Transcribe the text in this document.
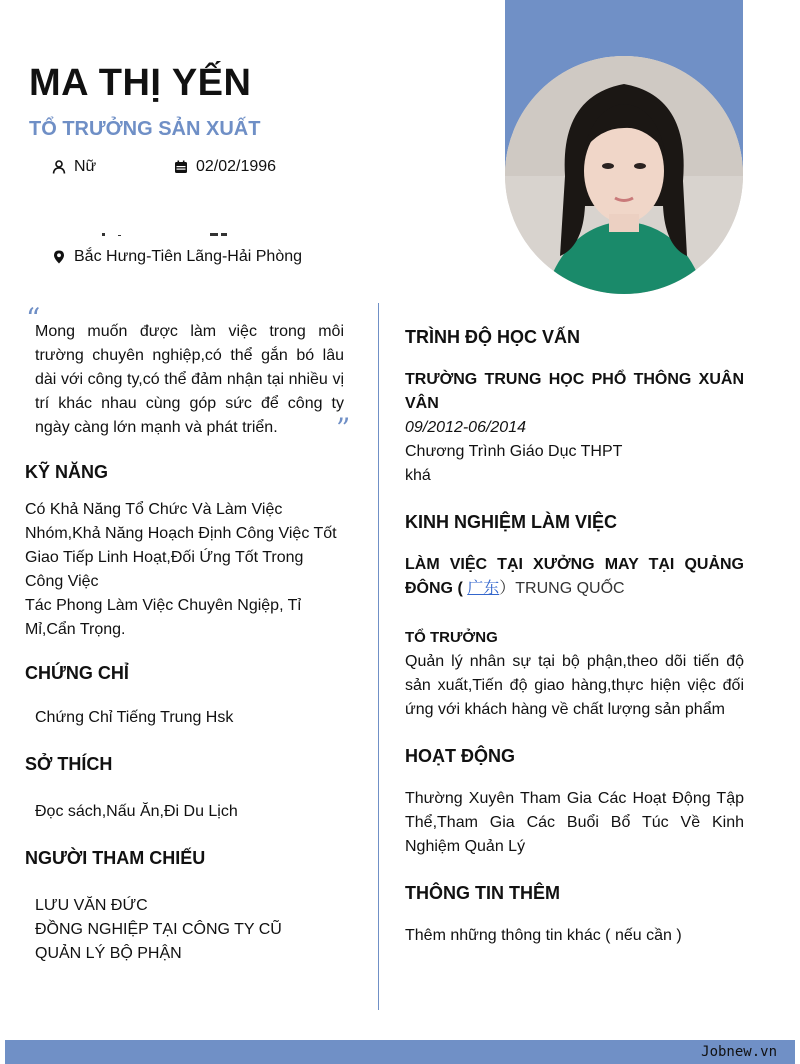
MA THỊ YẾN
TỔ TRƯỞNG SẢN XUẤT
Nữ	02/02/1996
Bắc Hưng-Tiên Lãng-Hải Phòng
“
Mong muốn được làm việc trong môi trường chuyên nghiệp,có thể gắn bó lâu dài với công ty,có thể đảm nhận tại nhiều vị trí khác nhau cùng góp sức để công ty ngày càng lớn mạnh và phát triển.	”
KỸ NĂNG
Có Khả Năng Tổ Chức Và Làm Việc
Nhóm,Khả Năng Hoạch Định Công Việc Tốt
Giao Tiếp Linh Hoạt,Đối Ứng Tốt Trong
Công Việc
Tác Phong Làm Việc Chuyên Ngiệp, Tỉ
Mỉ,Cẩn Trọng.
CHỨNG CHỈ
Chứng Chỉ Tiếng Trung Hsk
SỞ THÍCH
Đọc sách,Nấu Ăn,Đi Du Lịch
NGƯỜI THAM CHIẾU
LƯU VĂN ĐỨC
ĐỒNG NGHIỆP TẠI CÔNG TY CŨ
QUẢN LÝ BỘ PHẬN
TRÌNH ĐỘ HỌC VẤN
TRƯỜNG TRUNG HỌC PHỔ THÔNG XUÂN VÂN
09/2012-06/2014
Chương Trình Giáo Dục THPT
khá
KINH NGHIỆM LÀM VIỆC
LÀM VIỆC TẠI XƯỞNG MAY TẠI QUẢNG
ĐÔNG ( 广东）TRUNG QUỐC
TỔ TRƯỞNG
Quản lý nhân sự tại bộ phận,theo dõi tiến độ sản xuất,Tiến độ giao hàng,thực hiện việc đối ứng với khách hàng về chất lượng sản phẩm
HOẠT ĐỘNG
Thường Xuyên Tham Gia Các Hoạt Động Tập Thể,Tham Gia Các Buổi Bổ Túc Về Kinh Nghiệm Quản Lý
THÔNG TIN THÊM
Thêm những thông tin khác ( nếu cần )
Jobnew.vn
